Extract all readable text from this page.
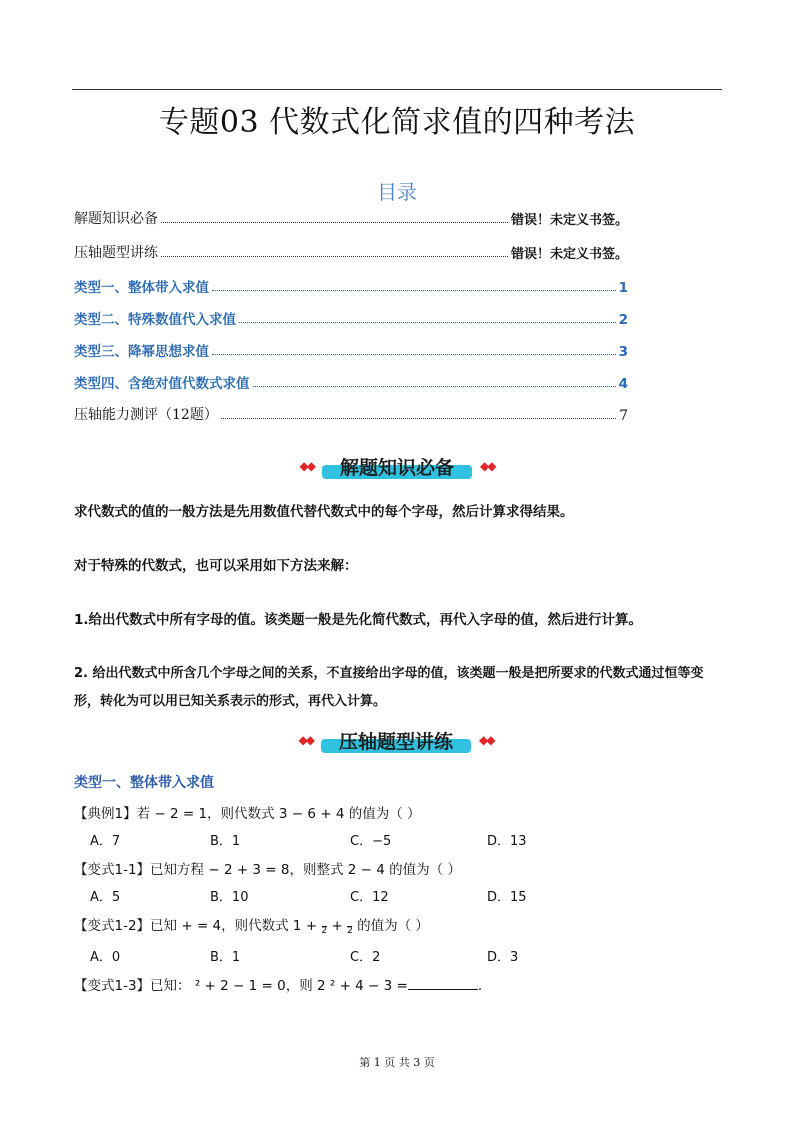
专题03 代数式化简求值的四种考法
目录
解题知识必备	错误！未定义书签。
压轴题型讲练	错误！未定义书签。
类型一、整体带入求值	1
类型二、特殊数值代入求值	2
类型三、降幂思想求值	3
类型四、含绝对值代数式求值	4
压轴能力测评（12题）	7
◆◆	解题知识必备	◆◆
求代数式的值的一般方法是先用数值代替代数式中的每个字母，然后计算求得结果。
对于特殊的代数式，也可以采用如下方法来解：
1.给出代数式中所有字母的值。该类题一般是先化简代数式，再代入字母的值，然后进行计算。
2. 给出代数式中所含几个字母之间的关系，不直接给出字母的值，该类题一般是把所要求的代数式通过恒等变
形，转化为可以用已知关系表示的形式，再代入计算。
◆◆	压轴题型讲练	◆◆
类型一、整体带入求值
【典例1】若 − 2 = 1，则代数式 3 − 6 + 4 的值为（ ）
A．7	B．1	C．−5	D．13
【变式1-1】已知方程 − 2 + 3 = 8，则整式 2 − 4 的值为（ ）
A．5	B．10	C．12	D．15
【变式1-2】已知 + = 4，则代数式 1 + 2 + 2 的值为（ ）
A．0	B．1	C．2	D．3
【变式1-3】已知： ² + 2 − 1 = 0，则 2 ² + 4 − 3 =	.
第 1 页 共 3 页
